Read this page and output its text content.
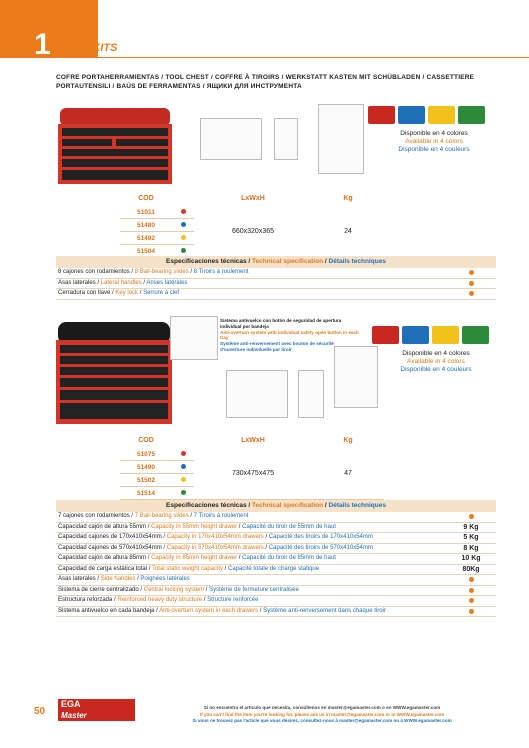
1 TOOLKITS
COFRE PORTAHERRAMIENTAS / TOOL CHEST / COFFRE À TIROIRS / WERKSTATT KASTEN MIT SCHÜBLADEN / CASSETTIERE PORTAUTENSILI / BAÚS DE FERRAMENTAS / ЯЩИКИ ДЛЯ ИНСТРУМЕНТА
Disponible en 4 colores
Available in 4 colors
Disponible en 4 couleurs
COD		LxWxH	Kg
51011		660x320x365	24
51480			
51492			
51504			
Especificaciones técnicas / Technical specification / Détails techniques
8 cajones con rodamientos / 8 Ball-bearing slides / 8 Tiroirs à roulement
Asas laterales / Lateral handles / Anses latérales
Cerradura con llave / Key lock / Serrure à clef
Sistema antivuelco con botón de seguridad de apertura individual por bandeja
Anti-overturn system with individual safety open button in each tray
Système anti-renversement avec bouton de sécurité d'ouverture individuelle par tiroir
Disponible en 4 colores
Available in 4 colors
Disponible en 4 couleurs
COD		LxWxH	Kg
51075		730x475x475	47
51490			
51502			
51514			
Especificaciones técnicas / Technical specification / Détails techniques
7 cajones con rodamientos / 7 Ball-bearing slides / 7 Tiroirs à roulement
Capacidad cajón de altura 55mm / Capacity in 55mm height drawer / Capacité du tiroir de 55mm de haut	9 Kg
Capacidad cajones de 170x410x54mm / Capacity in 170x410x54mm drawers / Capacité des tiroirs de 170x410x54mm	5 Kg
Capacidad cajones de 570x410x54mm / Capacity in 570x410x54mm drawers / Capacité des tiroirs de 570x410x54mm	8 Kg
Capacidad cajón de altura 85mm / Capacity in 85mm height drawer / Capacité du tiroir de 85mm de haut	10 Kg
Capacidad de carga estática total / Total static weight capacity / Capacité totale de charge statique	80Kg
Asas laterales / Side handles / Poignées latérales
Sistema de cierre centralizado / Central locking system / Système de fermeture centralisée
Estructura reforzada / Reinforced heavy duty structure / Structure renforcée
Sistema antivuelco en cada bandeja / Anti-overturn system in each drawers / Système anti-renversement dans chaque tiroir
50
EGA
Master
Si no encuentra el artículo que necesita, consúltenos en master@egamaster.com o en WWW.egamaster.com
If you can't find the item you're looking for, please ask us in master@egamaster.com or in WWW.egamaster.com
Si vous ne trouvez pas l'article que vous désirez, consultez-nous à master@egamaster.com ou à WWW.egamaster.com
